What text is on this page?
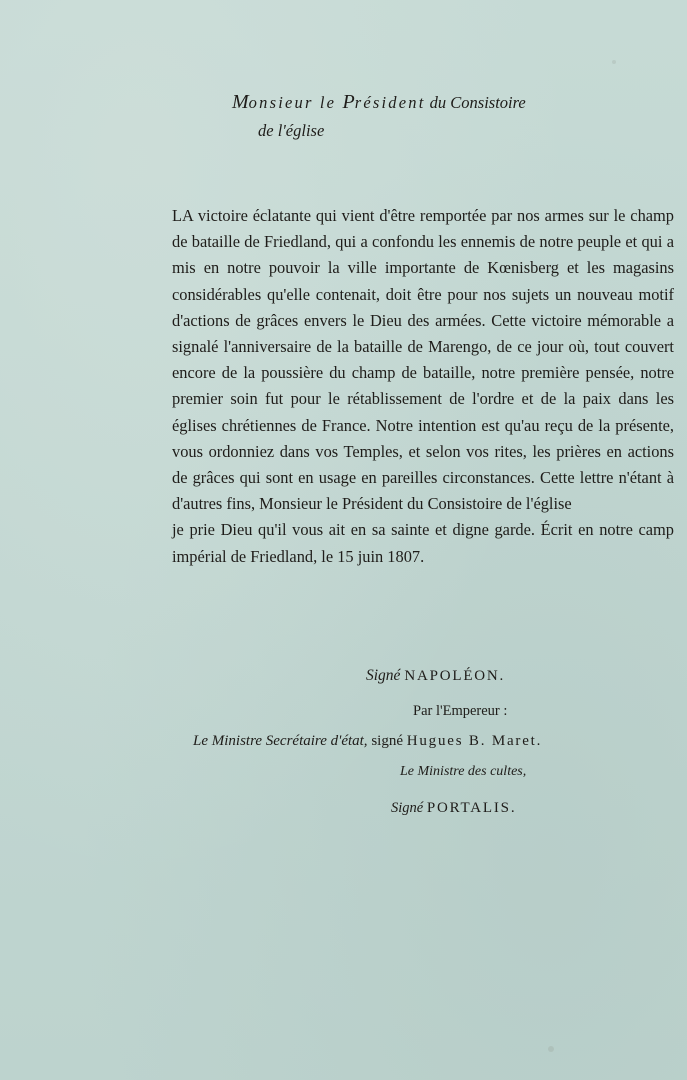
Monsieur le Président du Consistoire
de l'église

LA victoire éclatante qui vient d'être remportée par nos armes sur le champ de bataille de Friedland, qui a confondu les ennemis de notre peuple et qui a mis en notre pouvoir la ville importante de Kœnisberg et les magasins considérables qu'elle contenait, doit être pour nos sujets un nouveau motif d'actions de grâces envers le Dieu des armées. Cette victoire mémorable a signalé l'anniversaire de la bataille de Marengo, de ce jour où, tout couvert encore de la poussière du champ de bataille, notre première pensée, notre premier soin fut pour le rétablissement de l'ordre et de la paix dans les églises chrétiennes de France. Notre intention est qu'au reçu de la présente, vous ordonniez dans vos Temples, et selon vos rites, les prières en actions de grâces qui sont en usage en pareilles circonstances. Cette lettre n'étant à d'autres fins, Monsieur le Président du Consistoire de l'église

je prie Dieu qu'il vous ait en sa sainte et digne garde. Écrit en notre camp impérial de Friedland, le 15 juin 1807.

Signé NAPOLÉON.
Par l'Empereur :
Le Ministre Secrétaire d'état, signé Hugues B. Maret.
Le Ministre des cultes,
Signé PORTALIS.
